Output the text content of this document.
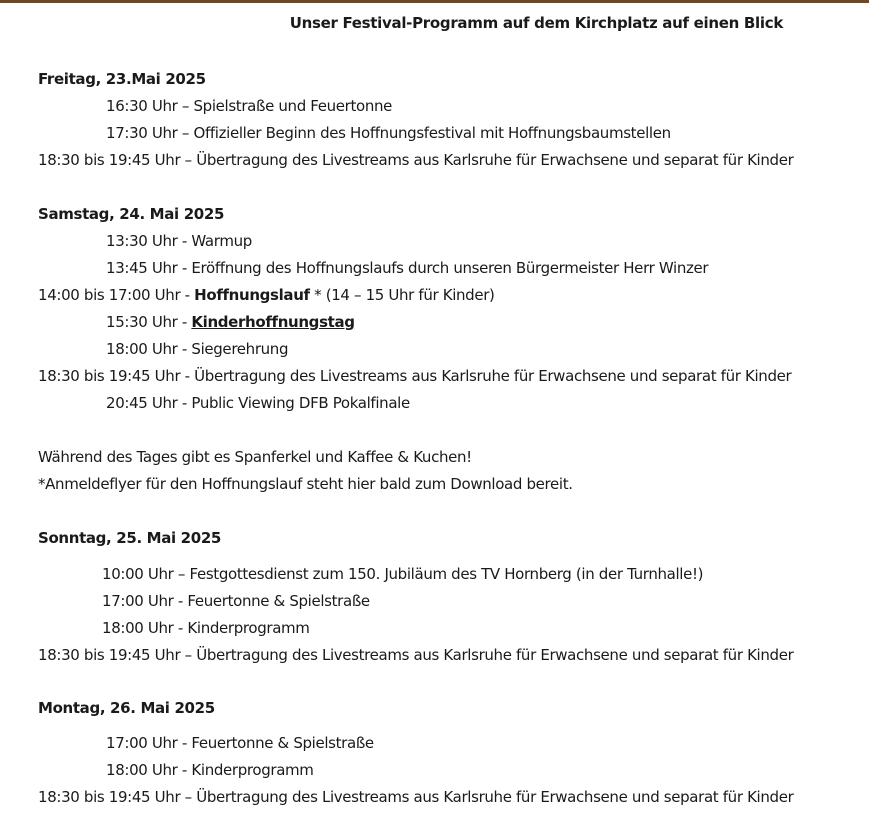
Unser Festival-Programm auf dem Kirchplatz auf einen Blick
Freitag, 23.Mai 2025
16:30 Uhr – Spielstraße und Feuertonne
17:30 Uhr – Offizieller Beginn des Hoffnungsfestival mit Hoffnungsbaumstellen
18:30 bis 19:45 Uhr – Übertragung des Livestreams aus Karlsruhe für Erwachsene und separat für Kinder
Samstag, 24. Mai 2025
13:30 Uhr - Warmup
13:45 Uhr - Eröffnung des Hoffnungslaufs durch unseren Bürgermeister Herr Winzer
14:00 bis 17:00 Uhr - Hoffnungslauf * (14 – 15 Uhr für Kinder)
15:30 Uhr - Kinderhoffnungstag
18:00 Uhr - Siegerehrung
18:30 bis 19:45 Uhr - Übertragung des Livestreams aus Karlsruhe für Erwachsene und separat für Kinder
20:45 Uhr - Public Viewing DFB Pokalfinale
Während des Tages gibt es Spanferkel und Kaffee & Kuchen!
*Anmeldeflyer für den Hoffnungslauf steht hier bald zum Download bereit.
Sonntag, 25. Mai 2025
10:00 Uhr – Festgottesdienst zum 150. Jubiläum des TV Hornberg (in der Turnhalle!)
17:00 Uhr - Feuertonne & Spielstraße
18:00 Uhr - Kinderprogramm
18:30 bis 19:45 Uhr – Übertragung des Livestreams aus Karlsruhe für Erwachsene und separat für Kinder
Montag, 26. Mai 2025
17:00 Uhr - Feuertonne & Spielstraße
18:00 Uhr - Kinderprogramm
18:30 bis 19:45 Uhr – Übertragung des Livestreams aus Karlsruhe für Erwachsene und separat für Kinder
